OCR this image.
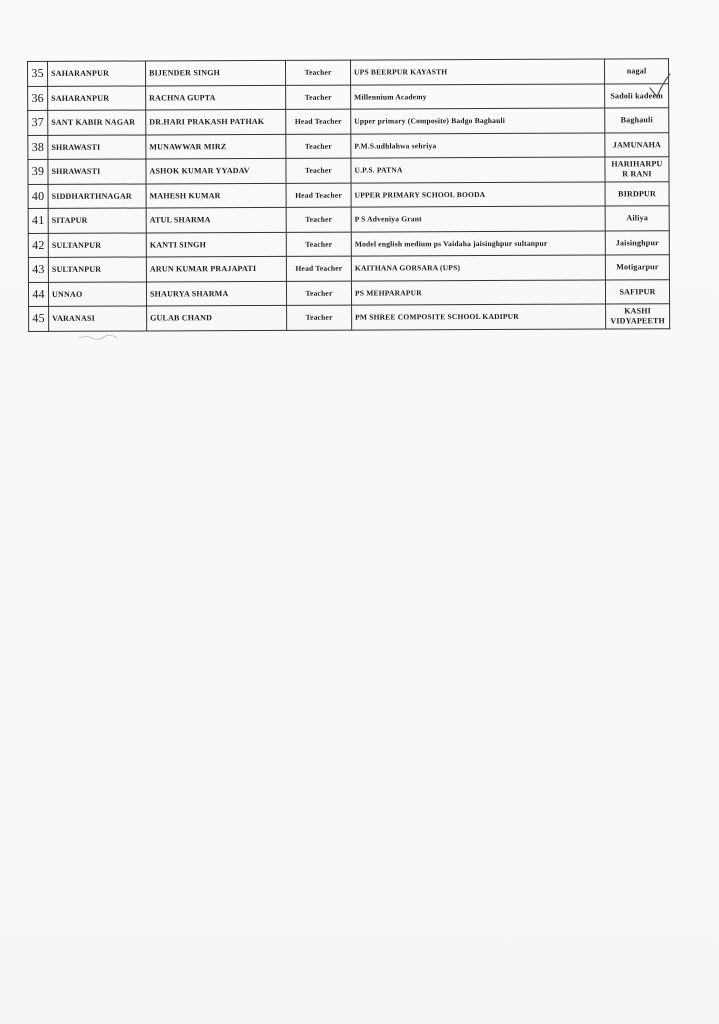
35	SAHARANPUR	BIJENDER SINGH	Teacher	UPS BEERPUR KAYASTH	nagal
36	SAHARANPUR	RACHNA GUPTA	Teacher	Millennium Academy	Sadoli kadeem
37	SANT KABIR NAGAR	DR.HARI PRAKASH PATHAK	Head Teacher	Upper primary (Composite) Badgo Baghauli	Baghauli
38	SHRAWASTI	MUNAWWAR MIRZ	Teacher	P.M.S.udhlahwa sehriya	JAMUNAHA
39	SHRAWASTI	ASHOK KUMAR YYADAV	Teacher	U.P.S. PATNA	HARIHARPU R RANI
40	SIDDHARTHNAGAR	MAHESH KUMAR	Head Teacher	UPPER PRIMARY SCHOOL BOODA	BIRDPUR
41	SITAPUR	ATUL SHARMA	Teacher	P S Adveniya Grant	Ailiya
42	SULTANPUR	KANTI SINGH	Teacher	Model english medium ps Vaidaha jaisinghpur sultanpur	Jaisinghpur
43	SULTANPUR	ARUN KUMAR PRAJAPATI	Head Teacher	KAITHANA GORSARA (UPS)	Motigarpur
44	UNNAO	SHAURYA SHARMA	Teacher	PS MEHPARAPUR	SAFIPUR
45	VARANASI	GULAB CHAND	Teacher	PM SHREE COMPOSITE SCHOOL KADIPUR	KASHI VIDYAPEETH
